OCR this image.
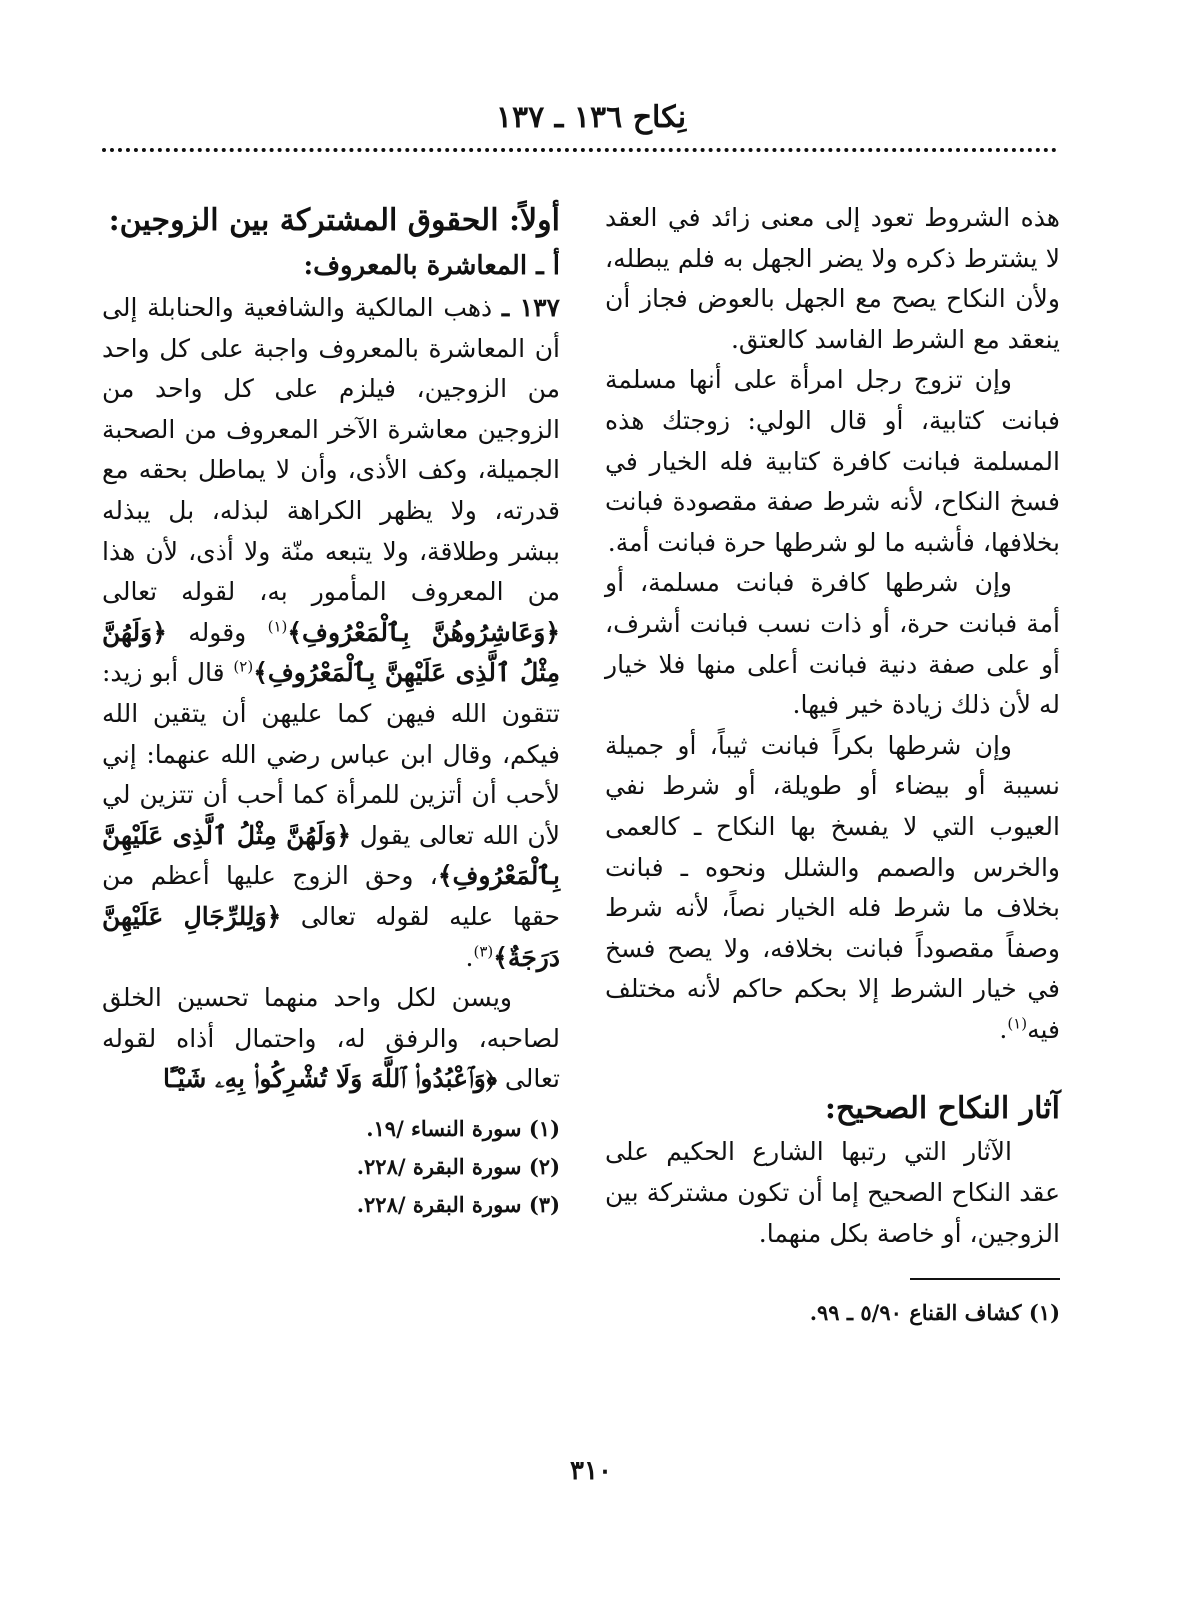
نِكاح ١٣٦ ـ ١٣٧

هذه الشروط تعود إلى معنى زائد في العقد لا يشترط ذكره ولا يضر الجهل به فلم يبطله، ولأن النكاح يصح مع الجهل بالعوض فجاز أن ينعقد مع الشرط الفاسد كالعتق.

وإن تزوج رجل امرأة على أنها مسلمة فبانت كتابية، أو قال الولي: زوجتك هذه المسلمة فبانت كافرة كتابية فله الخيار في فسخ النكاح، لأنه شرط صفة مقصودة فبانت بخلافها، فأشبه ما لو شرطها حرة فبانت أمة.

وإن شرطها كافرة فبانت مسلمة، أو أمة فبانت حرة، أو ذات نسب فبانت أشرف، أو على صفة دنية فبانت أعلى منها فلا خيار له لأن ذلك زيادة خير فيها.

وإن شرطها بكراً فبانت ثيباً، أو جميلة نسيبة أو بيضاء أو طويلة، أو شرط نفي العيوب التي لا يفسخ بها النكاح ـ كالعمى والخرس والصمم والشلل ونحوه ـ فبانت بخلاف ما شرط فله الخيار نصاً، لأنه شرط وصفاً مقصوداً فبانت بخلافه، ولا يصح فسخ في خيار الشرط إلا بحكم حاكم لأنه مختلف فيه$^{(١)}$.

آثار النكاح الصحيح:

الآثار التي رتبها الشارع الحكيم على عقد النكاح الصحيح إما أن تكون مشتركة بين الزوجين، أو خاصة بكل منهما.

(١) كشاف القناع ٥/٩٠ ـ ٩٩.

أولاً: الحقوق المشتركة بين الزوجين:

أ ـ المعاشرة بالمعروف:

١٣٧ ـ ذهب المالكية والشافعية والحنابلة إلى أن المعاشرة بالمعروف واجبة على كل واحد من الزوجين، فيلزم على كل واحد من الزوجين معاشرة الآخر المعروف من الصحبة الجميلة، وكف الأذى، وأن لا يماطل بحقه مع قدرته، ولا يظهر الكراهة لبذله، بل يبذله ببشر وطلاقة، ولا يتبعه منّة ولا أذى، لأن هذا من المعروف المأمور به، لقوله تعالى ﴿وَعَاشِرُوهُنَّ بِٱلْمَعْرُوفِ﴾$^{(١)}$ وقوله ﴿وَلَهُنَّ مِثْلُ ٱلَّذِى عَلَيْهِنَّ بِٱلْمَعْرُوفِ﴾$^{(٢)}$ قال أبو زيد: تتقون الله فيهن كما عليهن أن يتقين الله فيكم، وقال ابن عباس رضي الله عنهما: إني لأحب أن أتزين للمرأة كما أحب أن تتزين لي لأن الله تعالى يقول ﴿وَلَهُنَّ مِثْلُ ٱلَّذِى عَلَيْهِنَّ بِٱلْمَعْرُوفِ﴾، وحق الزوج عليها أعظم من حقها عليه لقوله تعالى ﴿وَلِلرِّجَالِ عَلَيْهِنَّ دَرَجَةٌ﴾$^{(٣)}$.

ويسن لكل واحد منهما تحسين الخلق لصاحبه، والرفق له، واحتمال أذاه لقوله تعالى ﴿وَٱعْبُدُوا۟ ٱللَّهَ وَلَا تُشْرِكُوا۟ بِهِۦ شَيْـًٔا

(١) سورة النساء /١٩.
(٢) سورة البقرة /٢٢٨.
(٣) سورة البقرة /٢٢٨.
٣١٠
